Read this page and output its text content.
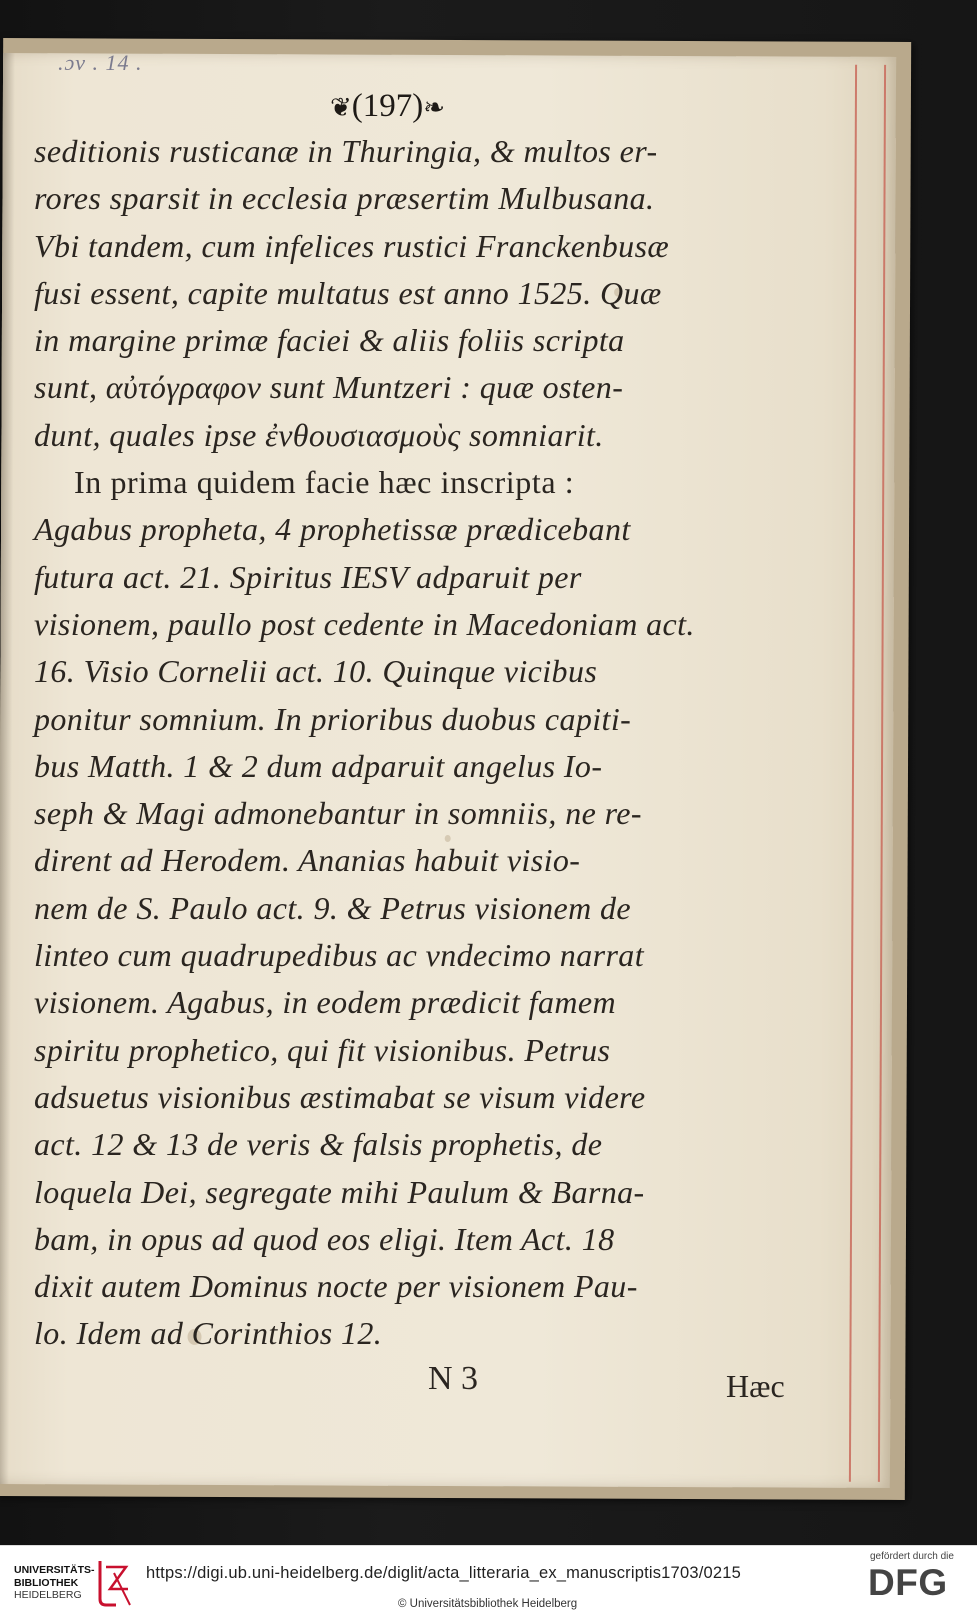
.ɔv . 14 .
❦(197)❧
seditionis rusticanæ in Thuringia, & multos er-
rores sparsit in ecclesia præsertim Mulbusana.
Vbi tandem, cum infelices rustici Franckenbusæ
fusi essent, capite multatus est anno 1525. Quæ
in margine primæ faciei & aliis foliis scripta
sunt, αὐτόγραφον sunt Muntzeri : quæ osten-
dunt, quales ipse ἐνθουσιασμοὺς somniarit.
In prima quidem facie hæc inscripta :
Agabus propheta, 4 prophetissæ prædicebant
futura act. 21. Spiritus IESV adparuit per
visionem, paullo post cedente in Macedoniam act.
16. Visio Cornelii act. 10. Quinque vicibus
ponitur somnium. In prioribus duobus capiti-
bus Matth. 1 & 2 dum adparuit angelus Io-
seph & Magi admonebantur in somniis, ne re-
dirent ad Herodem. Ananias habuit visio-
nem de S. Paulo act. 9. & Petrus visionem de
linteo cum quadrupedibus ac vndecimo narrat
visionem. Agabus, in eodem prædicit famem
spiritu prophetico, qui fit visionibus. Petrus
adsuetus visionibus æstimabat se visum videre
act. 12 & 13 de veris & falsis prophetis, de
loquela Dei, segregate mihi Paulum & Barna-
bam, in opus ad quod eos eligi. Item Act. 18
dixit autem Dominus nocte per visionem Pau-
lo. Idem ad Corinthios 12.
N 3	Hæc
UNIVERSITÄTS-
BIBLIOTHEK
HEIDELBERG
https://digi.ub.uni-heidelberg.de/diglit/acta_litteraria_ex_manuscriptis1703/0215
© Universitätsbibliothek Heidelberg
gefördert durch die
DFG
